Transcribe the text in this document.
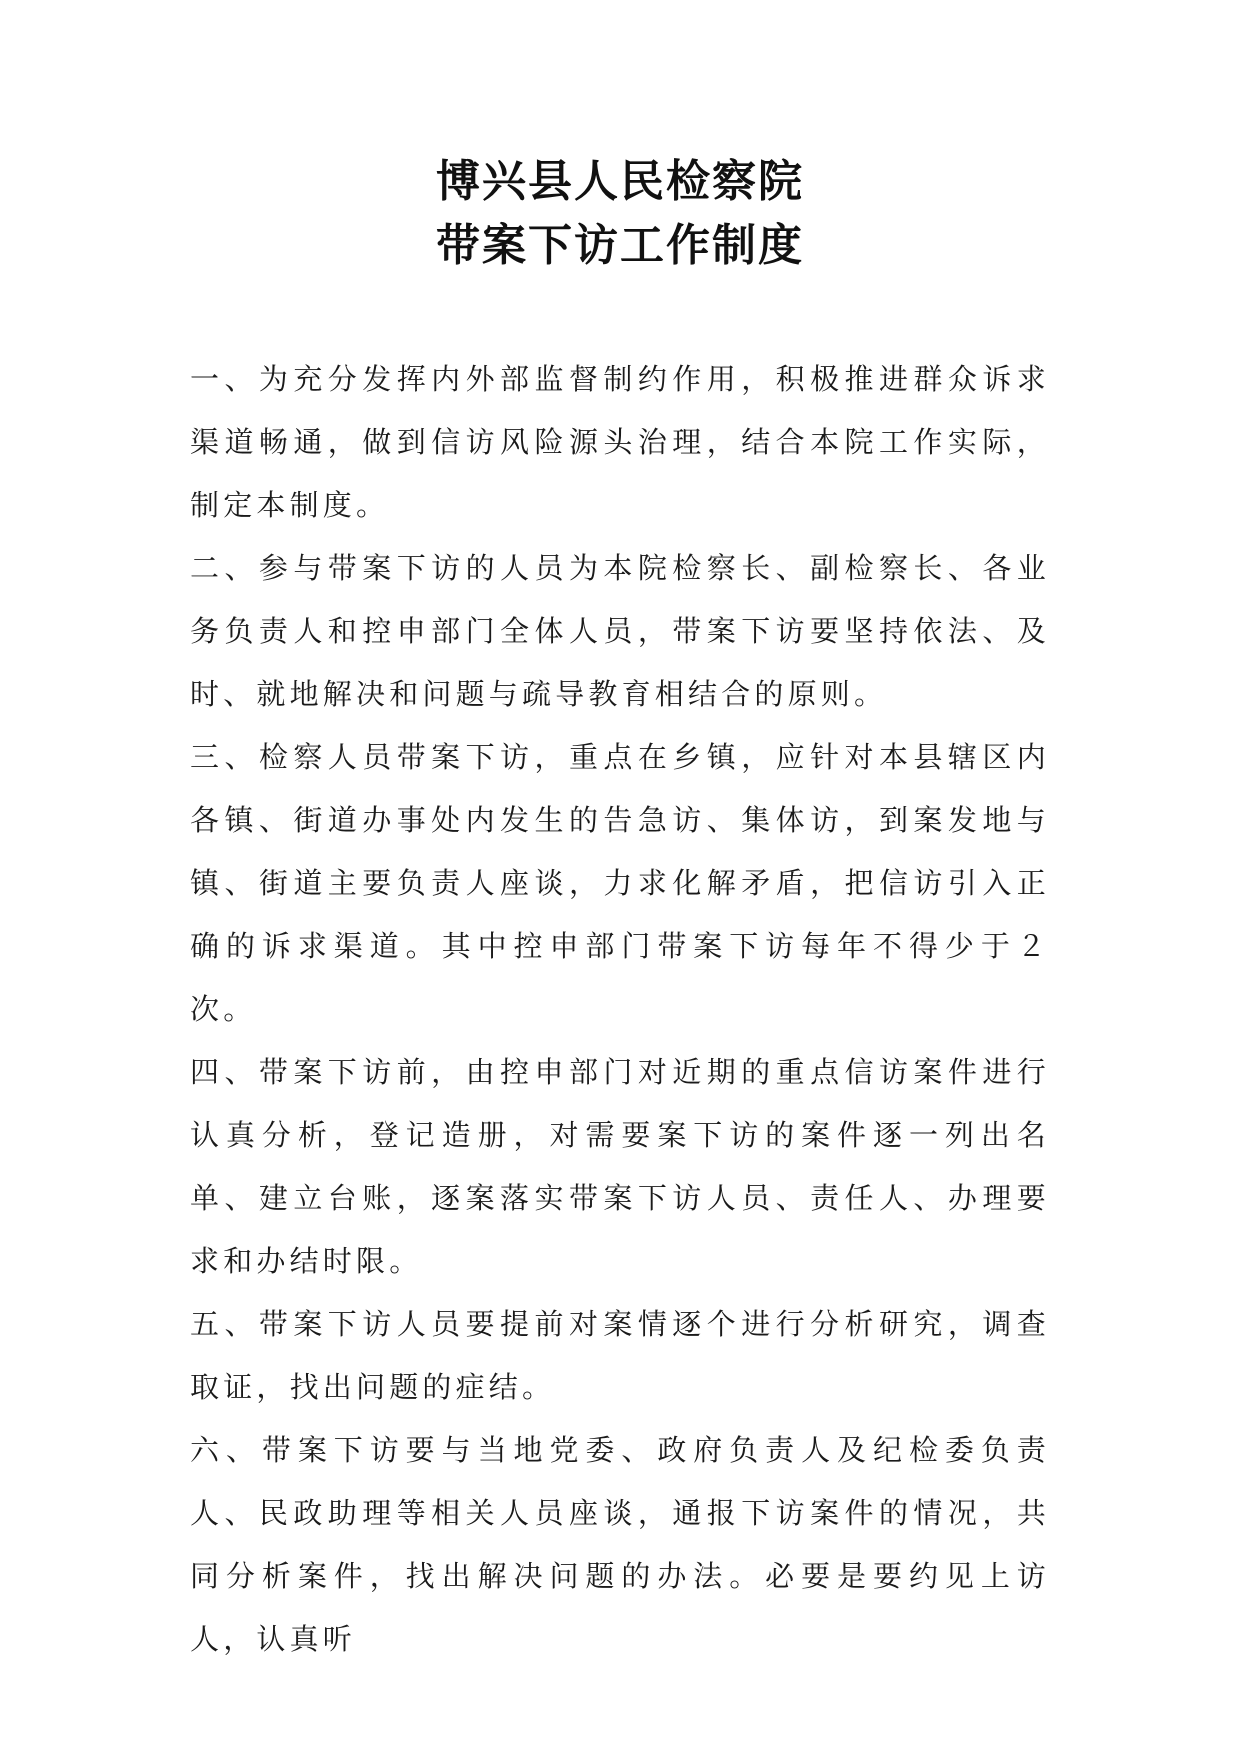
博兴县人民检察院

带案下访工作制度

一、为充分发挥内外部监督制约作用，积极推进群众诉求渠道畅通，做到信访风险源头治理，结合本院工作实际，制定本制度。

二、参与带案下访的人员为本院检察长、副检察长、各业务负责人和控申部门全体人员，带案下访要坚持依法、及时、就地解决和问题与疏导教育相结合的原则。

三、检察人员带案下访，重点在乡镇，应针对本县辖区内各镇、街道办事处内发生的告急访、集体访，到案发地与镇、街道主要负责人座谈，力求化解矛盾，把信访引入正确的诉求渠道。其中控申部门带案下访每年不得少于２次。

四、带案下访前，由控申部门对近期的重点信访案件进行认真分析，登记造册，对需要案下访的案件逐一列出名单、建立台账，逐案落实带案下访人员、责任人、办理要求和办结时限。

五、带案下访人员要提前对案情逐个进行分析研究，调查取证，找出问题的症结。

六、带案下访要与当地党委、政府负责人及纪检委负责人、民政助理等相关人员座谈，通报下访案件的情况，共同分析案件，找出解决问题的办法。必要是要约见上访人，认真听
